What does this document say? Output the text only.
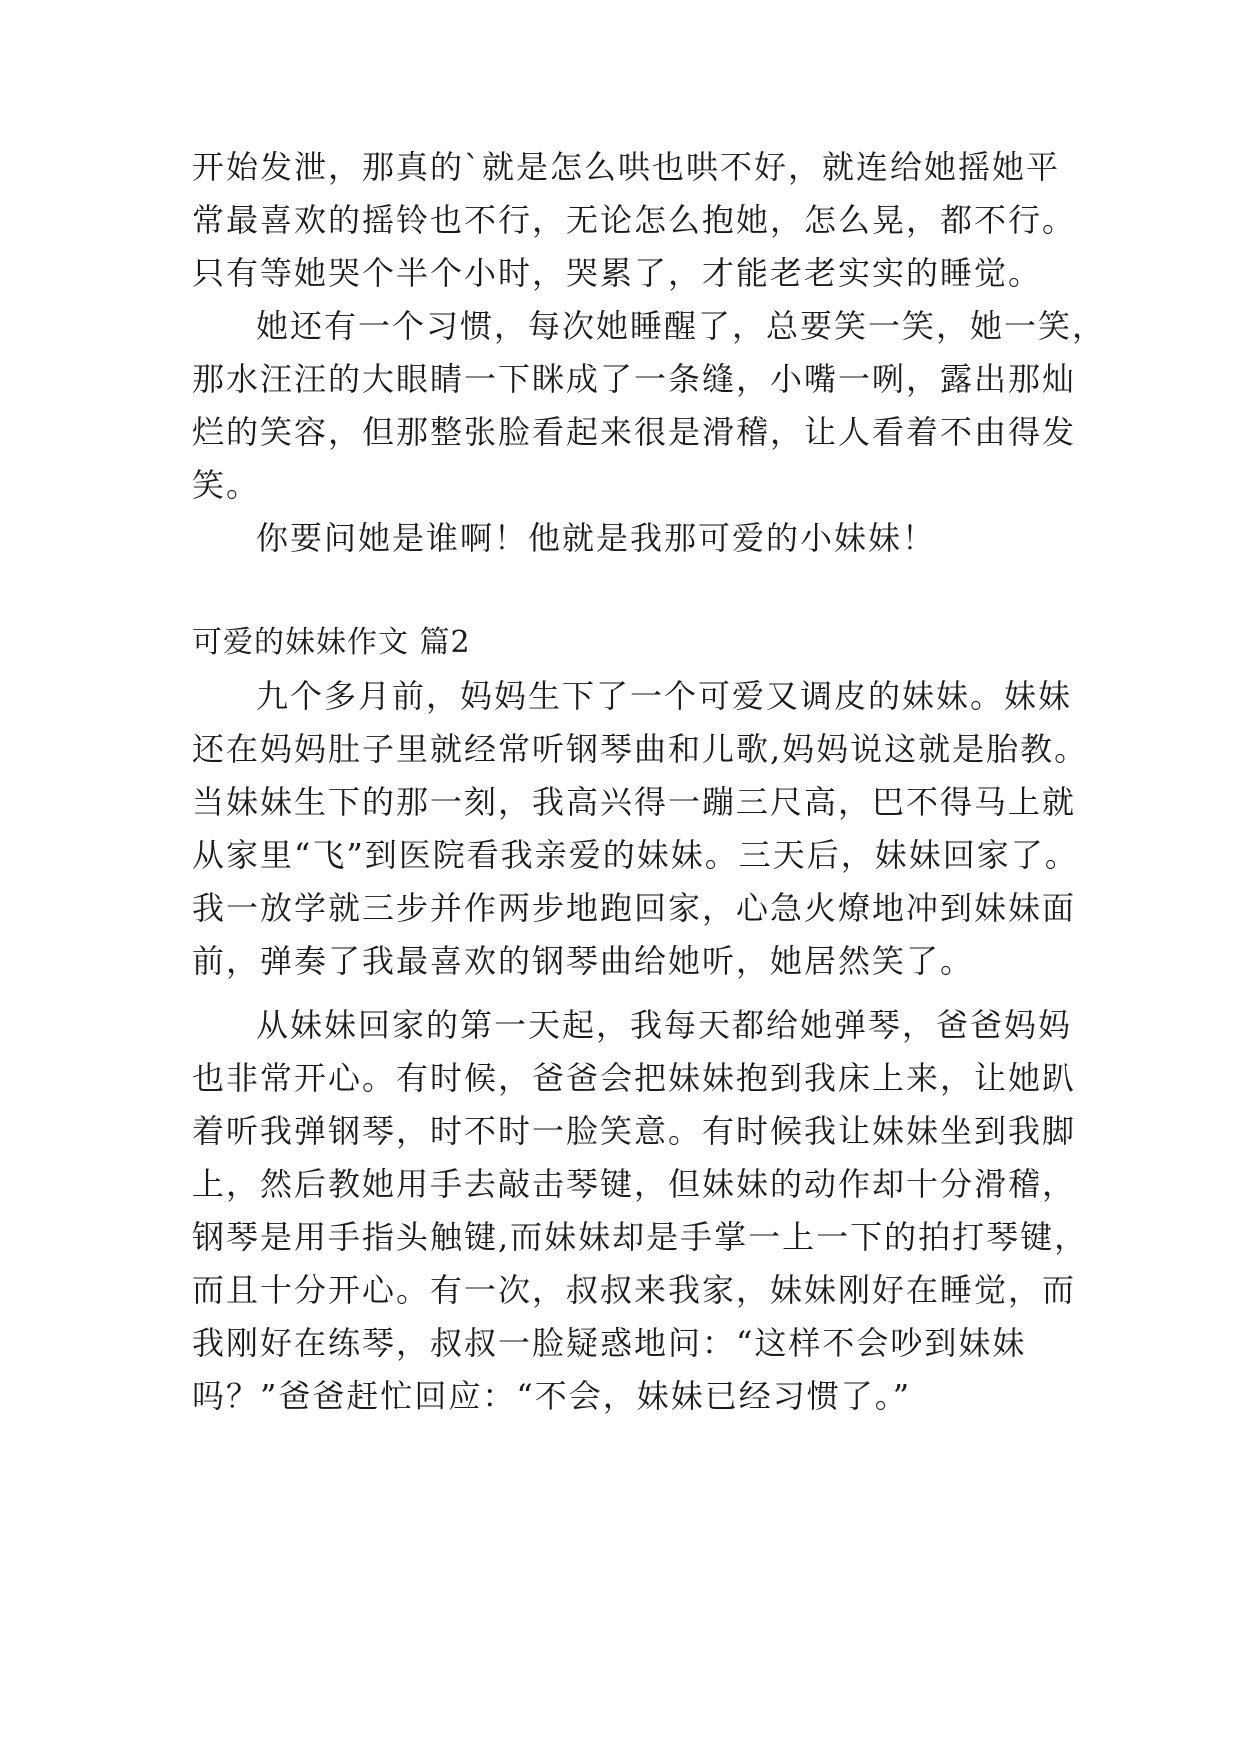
开始发泄，那真的`就是怎么哄也哄不好，就连给她摇她平
常最喜欢的摇铃也不行，无论怎么抱她，怎么晃，都不行。
只有等她哭个半个小时，哭累了，才能老老实实的睡觉。
她还有一个习惯，每次她睡醒了，总要笑一笑，她一笑，
那水汪汪的大眼睛一下眯成了一条缝，小嘴一咧，露出那灿
烂的笑容，但那整张脸看起来很是滑稽，让人看着不由得发
笑。
你要问她是谁啊！他就是我那可爱的小妹妹！
可爱的妹妹作文 篇2
九个多月前，妈妈生下了一个可爱又调皮的妹妹。妹妹
还在妈妈肚子里就经常听钢琴曲和儿歌,妈妈说这就是胎教。
当妹妹生下的那一刻，我高兴得一蹦三尺高，巴不得马上就
从家里“飞”到医院看我亲爱的妹妹。三天后，妹妹回家了。
我一放学就三步并作两步地跑回家，心急火燎地冲到妹妹面
前，弹奏了我最喜欢的钢琴曲给她听，她居然笑了。
从妹妹回家的第一天起，我每天都给她弹琴，爸爸妈妈
也非常开心。有时候，爸爸会把妹妹抱到我床上来，让她趴
着听我弹钢琴，时不时一脸笑意。有时候我让妹妹坐到我脚
上，然后教她用手去敲击琴键，但妹妹的动作却十分滑稽，
钢琴是用手指头触键,而妹妹却是手掌一上一下的拍打琴键，
而且十分开心。有一次，叔叔来我家，妹妹刚好在睡觉，而
我刚好在练琴，叔叔一脸疑惑地问：“这样不会吵到妹妹
吗？”爸爸赶忙回应：“不会，妹妹已经习惯了。”
